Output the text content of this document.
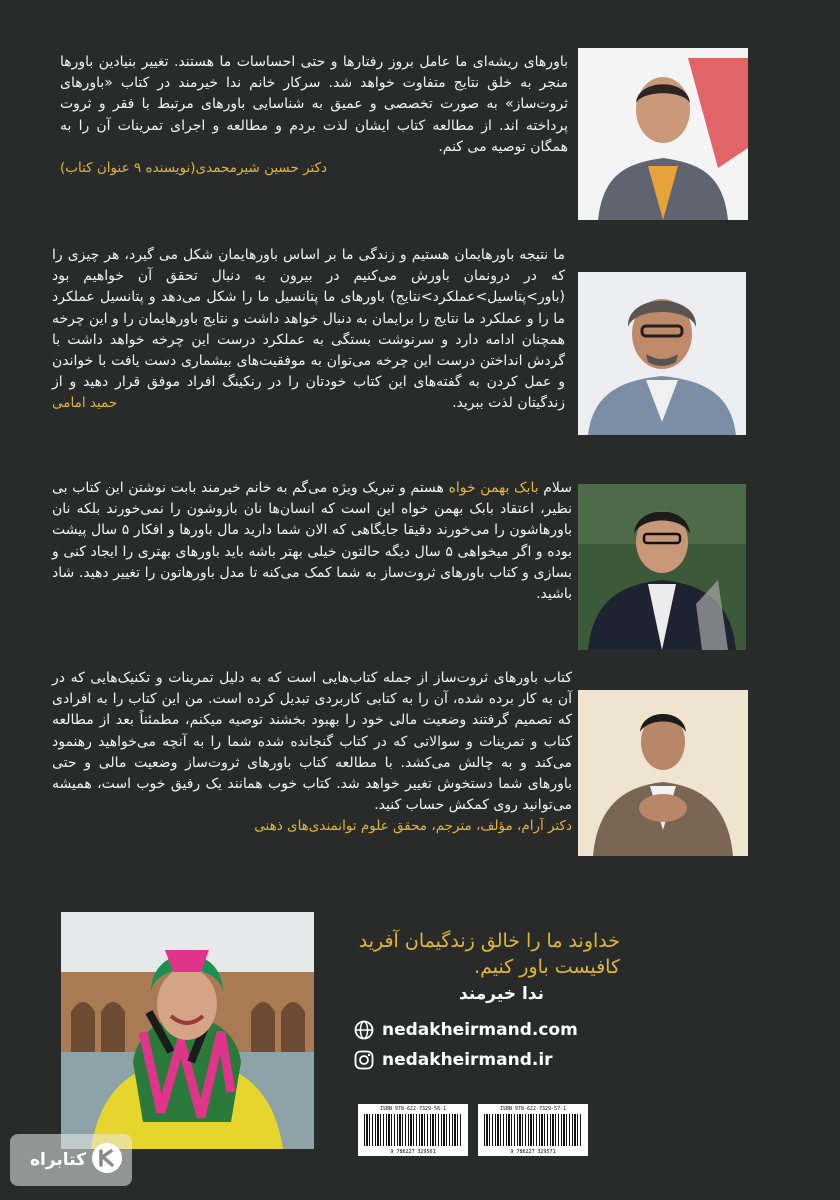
باورهای ریشه‌ای ما عامل بروز رفتارها و حتی احساسات ما هستند. تغییر بنیادین باورها منجر به خلق نتایج متفاوت خواهد شد. سرکار خانم ندا خیرمند در کتاب «باورهای ثروت‌ساز» به صورت تخصصی و عمیق به شناسایی باورهای مرتبط با فقر و ثروت پرداخته اند. از مطالعه کتاب ایشان لذت بردم و مطالعه و اجرای تمرینات آن را به همگان توصیه می کنم.
دکتر حسین شیرمحمدی(نویسنده ۹ عنوان کتاب)
ما نتیجه باورهایمان هستیم و زندگی ما بر اساس باورهایمان شکل می گیرد، هر چیزی را که در درونمان باورش می‌کنیم در بیرون به دنبال تحقق آن خواهیم بود (باور>پتاسیل>عملکرد>نتایج) باورهای ما پتانسیل ما را شکل می‌دهد و پتانسیل عملکرد ما را و عملکرد ما نتایج را برایمان به دنبال خواهد داشت و نتایج باورهایمان را و این چرخه همچنان ادامه دارد و سرنوشت بستگی به عملکرد درست این چرخه خواهد داشت با گردش انداختن درست این چرخه می‌توان به موفقیت‌های بیشماری دست یافت با خواندن و عمل کردن به گفته‌های این کتاب خودتان را در رنکینگ افراد موفق قرار دهید و از زندگیتان لذت ببرید.
حمید امامی
سلام بابک بهمن خواه هستم و تبریک ویژه می‌گم به خانم خیرمند بابت نوشتن این کتاب بی نظیر، اعتقاد بابک بهمن خواه این است که انسان‌ها نان بازوشون را نمی‌خورند بلکه نان باورهاشون را می‌خورند دقیقا جایگاهی که الان شما دارید مال باورها و افکار ۵ سال پیشت بوده و اگر میخواهی ۵ سال دیگه حالتون خیلی بهتر باشه باید باورهای بهتری را ایجاد کنی و بسازی و کتاب باورهای ثروت‌ساز به شما کمک می‌کنه تا مدل باورهاتون را تغییر دهید. شاد باشید.
کتاب باورهای ثروت‌ساز از جمله کتاب‌هایی است که به دلیل تمرینات و تکنیک‌هایی که در آن به کار برده شده، آن را به کتابی کاربردی تبدیل کرده است. من این کتاب را به افرادی که تصمیم گرفتند وضعیت مالی خود را بهبود بخشند توصیه میکنم، مطمئناً بعد از مطالعه کتاب و تمرینات و سوالاتی که در کتاب گنجانده شده شما را به آنچه می‌خواهید رهنمود می‌کند و به چالش می‌کشد. با مطالعه کتاب باورهای ثروت‌ساز وضعیت مالی و حتی باورهای شما دستخوش تغییر خواهد شد. کتاب خوب همانند یک رفیق خوب است، همیشه می‌توانید روی کمکش حساب کنید.
دکتر آرام، مؤلف، مترجم، محقق علوم توانمندی‌های ذهنی
خداوند ما را خالق زندگیمان آفرید
کافیست باور کنیم.
ندا خیرمند
nedakheirmand.com
nedakheirmand.ir
ISBN 978-622-7329-56-1
9 786227 329561
ISBN 978-622-7329-57-1
9 786227 329571
کتابراه
